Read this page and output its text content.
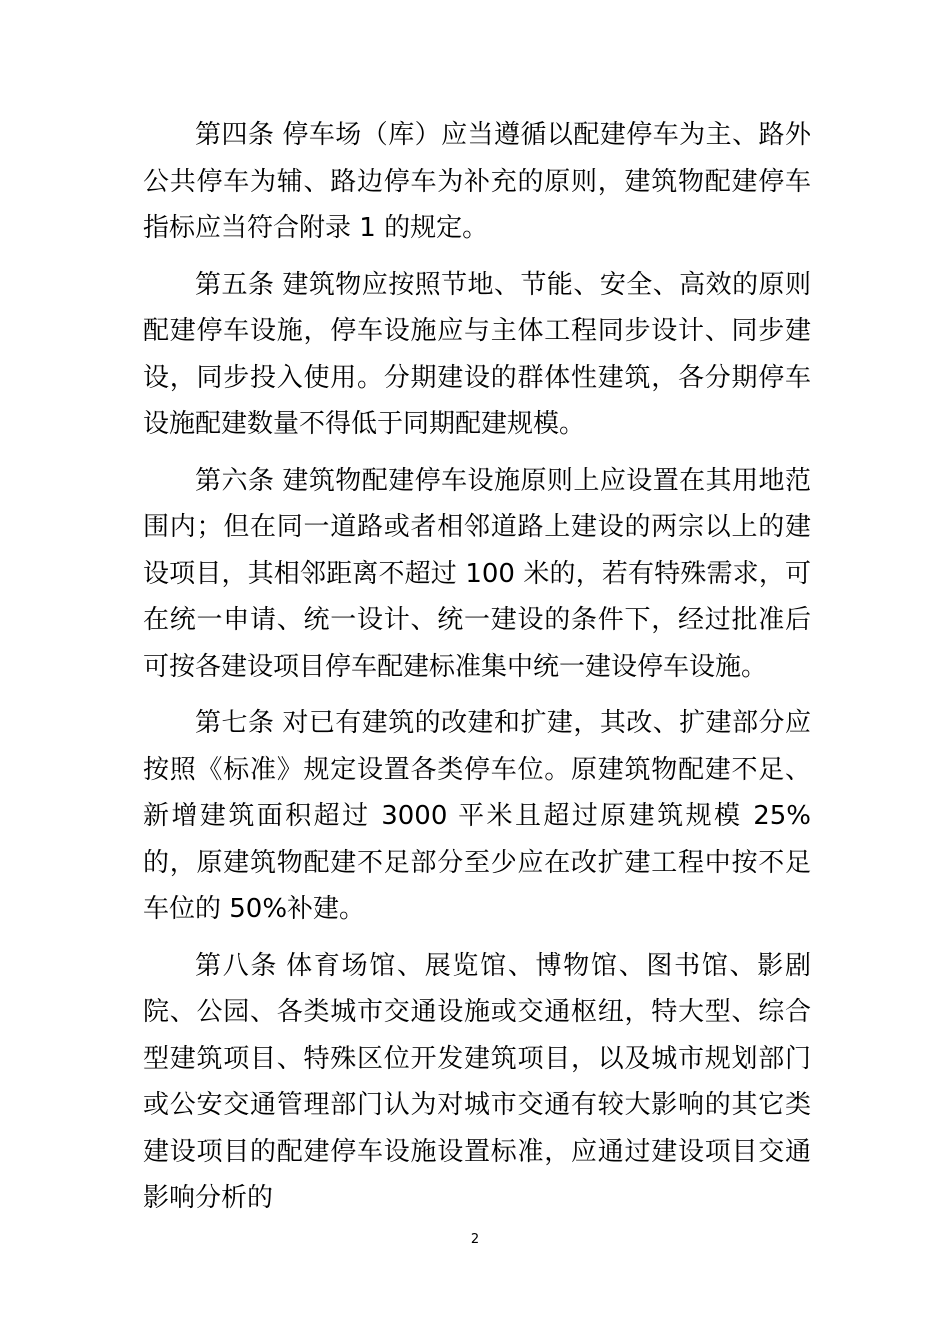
第四条 停车场（库）应当遵循以配建停车为主、路外公共停车为辅、路边停车为补充的原则，建筑物配建停车指标应当符合附录 1 的规定。

第五条 建筑物应按照节地、节能、安全、高效的原则配建停车设施，停车设施应与主体工程同步设计、同步建设，同步投入使用。分期建设的群体性建筑，各分期停车设施配建数量不得低于同期配建规模。

第六条 建筑物配建停车设施原则上应设置在其用地范围内；但在同一道路或者相邻道路上建设的两宗以上的建设项目，其相邻距离不超过 100 米的，若有特殊需求，可在统一申请、统一设计、统一建设的条件下，经过批准后可按各建设项目停车配建标准集中统一建设停车设施。

第七条 对已有建筑的改建和扩建，其改、扩建部分应按照《标准》规定设置各类停车位。原建筑物配建不足、新增建筑面积超过 3000 平米且超过原建筑规模 25%的，原建筑物配建不足部分至少应在改扩建工程中按不足车位的 50%补建。

第八条 体育场馆、展览馆、博物馆、图书馆、影剧院、公园、各类城市交通设施或交通枢纽，特大型、综合型建筑项目、特殊区位开发建筑项目，以及城市规划部门或公安交通管理部门认为对城市交通有较大影响的其它类建设项目的配建停车设施设置标准，应通过建设项目交通影响分析的

2
